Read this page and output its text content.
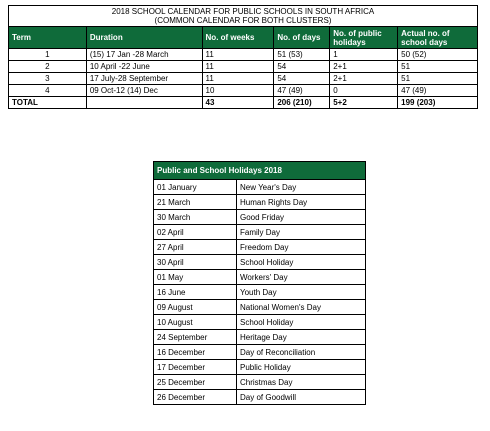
2018 SCHOOL CALENDAR FOR PUBLIC SCHOOLS IN SOUTH AFRICA
(COMMON CALENDAR FOR BOTH CLUSTERS)					

Term	Duration	No. of weeks	No. of days	No. of public holidays	Actual no. of school days
1	(15) 17 Jan -28 March	11	51 (53)	1	50 (52)
2	10 April -22 June	11	54	2+1	51
3	17 July-28 September	11	54	2+1	51
4	09 Oct-12 (14) Dec	10	47 (49)	0	47 (49)
TOTAL		43	206 (210)	5+2	199 (203)
Public and School Holidays 2018	
01 January	New Year's Day
21 March	Human Rights Day
30 March	Good Friday
02 April	Family Day
27 April	Freedom Day
30 April	School Holiday
01 May	Workers' Day
16 June	Youth Day
09 August	National Women's Day
10 August	School Holiday
24 September	Heritage Day
16 December	Day of Reconciliation
17 December	Public Holiday
25 December	Christmas Day
26 December	Day of Goodwill
